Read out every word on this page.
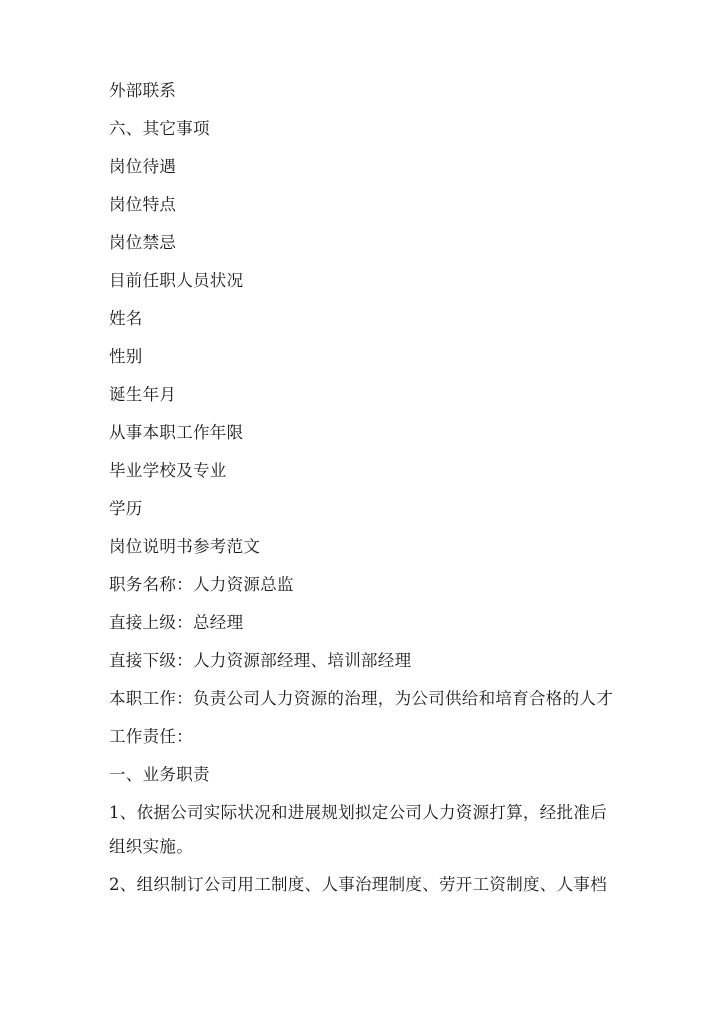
外部联系
六、其它事项
岗位待遇
岗位特点
岗位禁忌
目前任职人员状况
姓名
性别
诞生年月
从事本职工作年限
毕业学校及专业
学历
岗位说明书参考范文
职务名称：人力资源总监
直接上级：总经理
直接下级：人力资源部经理、培训部经理
本职工作：负责公司人力资源的治理，为公司供给和培育合格的人才
工作责任：
一、业务职责
1、依据公司实际状况和进展规划拟定公司人力资源打算，经批准后
组织实施。
2、组织制订公司用工制度、人事治理制度、劳开工资制度、人事档
